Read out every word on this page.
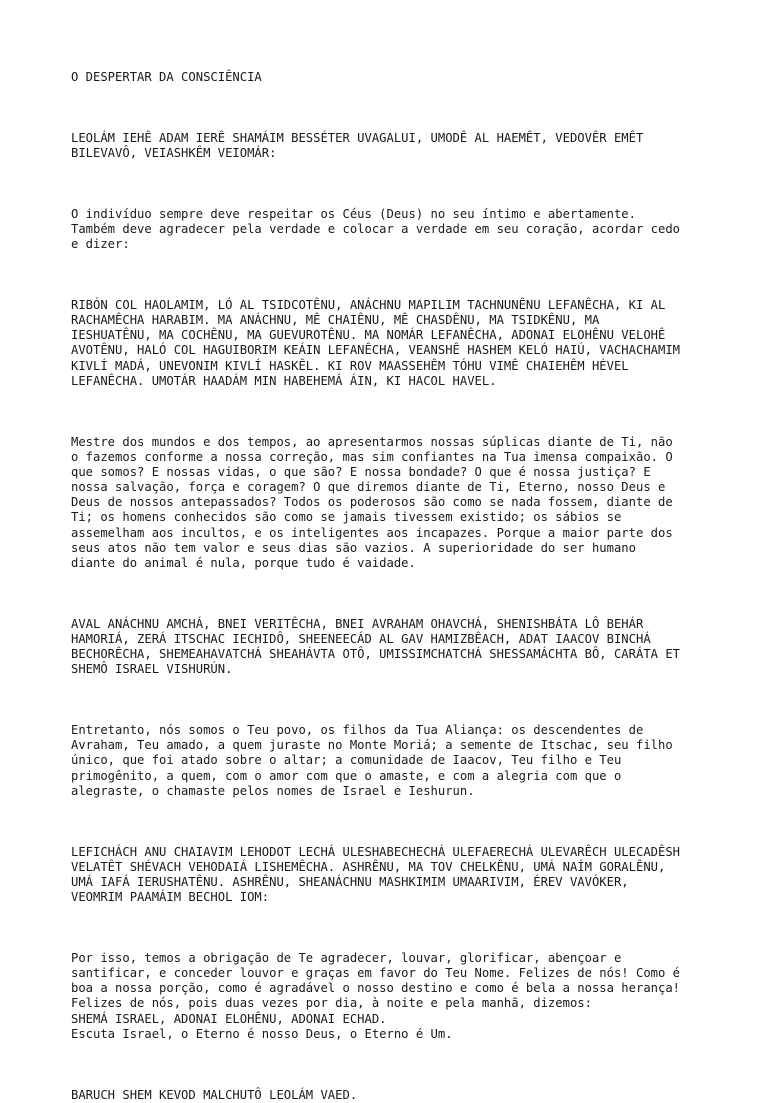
O DESPERTAR DA CONSCIÊNCIA
LEOLÁM IEHÊ ADAM IERÊ SHAMÁIM BESSÉTER UVAGALUI, UMODÊ AL HAEMÊT, VEDOVÊR EMÊT
BILEVAVÔ, VEIASHKÊM VEIOMÁR:
O indivíduo sempre deve respeitar os Céus (Deus) no seu íntimo e abertamente.
Também deve agradecer pela verdade e colocar a verdade em seu coração, acordar cedo
e dizer:
RIBÓN COL HAOLAMIM, LÓ AL TSIDCOTÊNU, ANÁCHNU MAPILIM TACHNUNÊNU LEFANÊCHA, KI AL
RACHAMÊCHA HARABIM. MA ANÁCHNU, MÊ CHAIÊNU, MÊ CHASDÊNU, MA TSIDKÊNU, MA
IESHUATÊNU, MA COCHÊNU, MA GUEVUROTÊNU. MA NOMÁR LEFANÊCHA, ADONAI ELOHÊNU VELOHÊ
AVOTÊNU, HALÓ COL HAGUIBORIM KEÁIN LEFANÊCHA, VEANSHÊ HASHEM KELÓ HAIÚ, VACHACHAMIM
KIVLÍ MADÁ, UNEVONIM KIVLÍ HASKÊL. KI ROV MAASSEHÊM TÓHU VIMÊ CHAIEHÊM HÉVEL
LEFANÊCHA. UMOTÁR HAADÁM MIN HABEHEMÁ ÁIN, KI HACOL HAVEL.
Mestre dos mundos e dos tempos, ao apresentarmos nossas súplicas diante de Ti, não
o fazemos conforme a nossa correção, mas sim confiantes na Tua imensa compaixão. O
que somos? E nossas vidas, o que são? E nossa bondade? O que é nossa justiça? E
nossa salvação, força e coragem? O que diremos diante de Ti, Eterno, nosso Deus e
Deus de nossos antepassados? Todos os poderosos são como se nada fossem, diante de
Ti; os homens conhecidos são como se jamais tivessem existido; os sábios se
assemelham aos incultos, e os inteligentes aos incapazes. Porque a maior parte dos
seus atos não tem valor e seus dias são vazios. A superioridade do ser humano
diante do animal é nula, porque tudo é vaidade.
AVAL ANÁCHNU AMCHÁ, BNEI VERITÊCHA, BNEI AVRAHAM OHAVCHÁ, SHENISHBÁTA LÔ BEHÁR
HAMORIÁ, ZERÁ ITSCHAC IECHIDÔ, SHEENEECÁD AL GAV HAMIZBÊACH, ADAT IAACOV BINCHÁ
BECHORÊCHA, SHEMEAHAVATCHÁ SHEAHÁVTA OTÔ, UMISSIMCHATCHÁ SHESSAMÁCHTA BÔ, CARÁTA ET
SHEMÔ ISRAEL VISHURÚN.
Entretanto, nós somos o Teu povo, os filhos da Tua Aliança: os descendentes de
Avraham, Teu amado, a quem juraste no Monte Moriá; a semente de Itschac, seu filho
único, que foi atado sobre o altar; a comunidade de Iaacov, Teu filho e Teu
primogênito, a quem, com o amor com que o amaste, e com a alegria com que o
alegraste, o chamaste pelos nomes de Israel e Ieshurun.
LEFICHÁCH ANU CHAIAVIM LEHODOT LECHÁ ULESHABECHECHÁ ULEFAERECHÁ ULEVARÊCH ULECADÊSH
VELATÊT SHÉVACH VEHODAIÁ LISHEMÊCHA. ASHRÊNU, MA TOV CHELKÊNU, UMÁ NAÍM GORALÊNU,
UMÁ IAFÁ IERUSHATÊNU. ASHRÊNU, SHEANÁCHNU MASHKIMIM UMAARIVIM, ÉREV VAVÓKER,
VEOMRIM PAAMÁIM BECHOL IOM:
Por isso, temos a obrigação de Te agradecer, louvar, glorificar, abençoar e
santificar, e conceder louvor e graças em favor do Teu Nome. Felizes de nós! Como é
boa a nossa porção, como é agradável o nosso destino e como é bela a nossa herança!
Felizes de nós, pois duas vezes por dia, à noite e pela manhã, dizemos:
SHEMÁ ISRAEL, ADONAI ELOHÊNU, ADONAI ECHAD.
Escuta Israel, o Eterno é nosso Deus, o Eterno é Um.
BARUCH SHEM KEVOD MALCHUTÔ LEOLÁM VAED.
